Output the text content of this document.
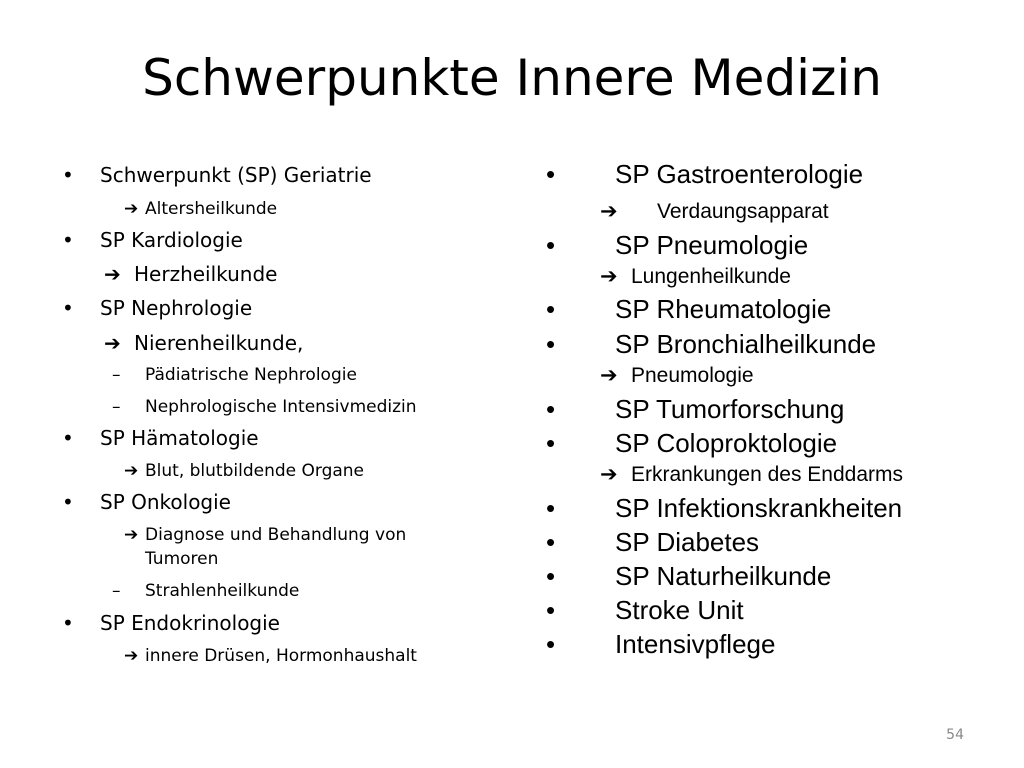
Schwerpunkte Innere Medizin
• Schwerpunkt (SP) Geriatrie
➔ Altersheilkunde
• SP Kardiologie
➔ Herzheilkunde
• SP Nephrologie
➔ Nierenheilkunde,
– Pädiatrische Nephrologie
– Nephrologische Intensivmedizin
• SP Hämatologie
➔ Blut, blutbildende Organe
• SP Onkologie
➔ Diagnose und Behandlung von
Tumoren
– Strahlenheilkunde
• SP Endokrinologie
➔ innere Drüsen, Hormonhaushalt
• SP Gastroenterologie
➔ Verdaungsapparat
• SP Pneumologie
➔ Lungenheilkunde
• SP Rheumatologie
• SP Bronchialheilkunde
➔ Pneumologie
• SP Tumorforschung
• SP Coloproktologie
➔ Erkrankungen des Enddarms
• SP Infektionskrankheiten
• SP Diabetes
• SP Naturheilkunde
• Stroke Unit
• Intensivpflege
54
